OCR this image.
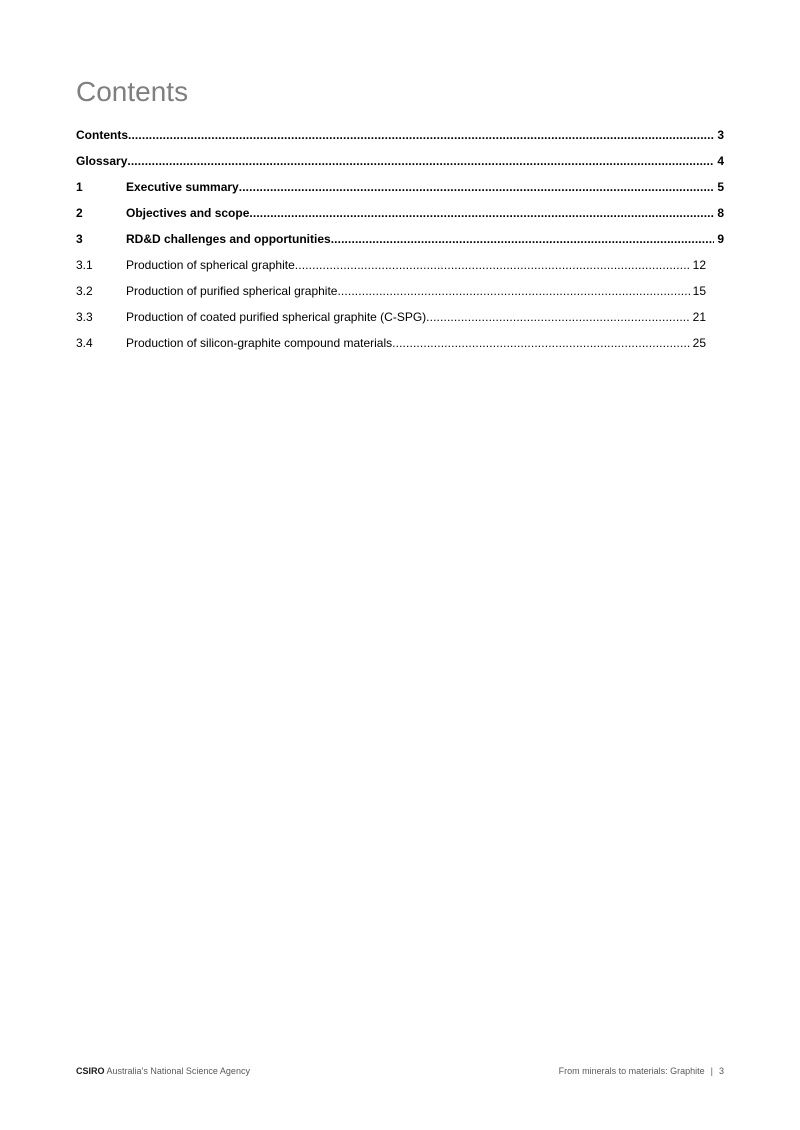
Contents
Contents . . .	3
Glossary . . .	4
1	Executive summary . . .	5
2	Objectives and scope . . .	8
3	RD&D challenges and opportunities . . .	9
3.1	Production of spherical graphite . . .	12
3.2	Production of purified spherical graphite . . .	15
3.3	Production of coated purified spherical graphite (C-SPG) . . .	21
3.4	Production of silicon-graphite compound materials . . .	25
CSIRO Australia’s National Science Agency	From minerals to materials: Graphite | 3
